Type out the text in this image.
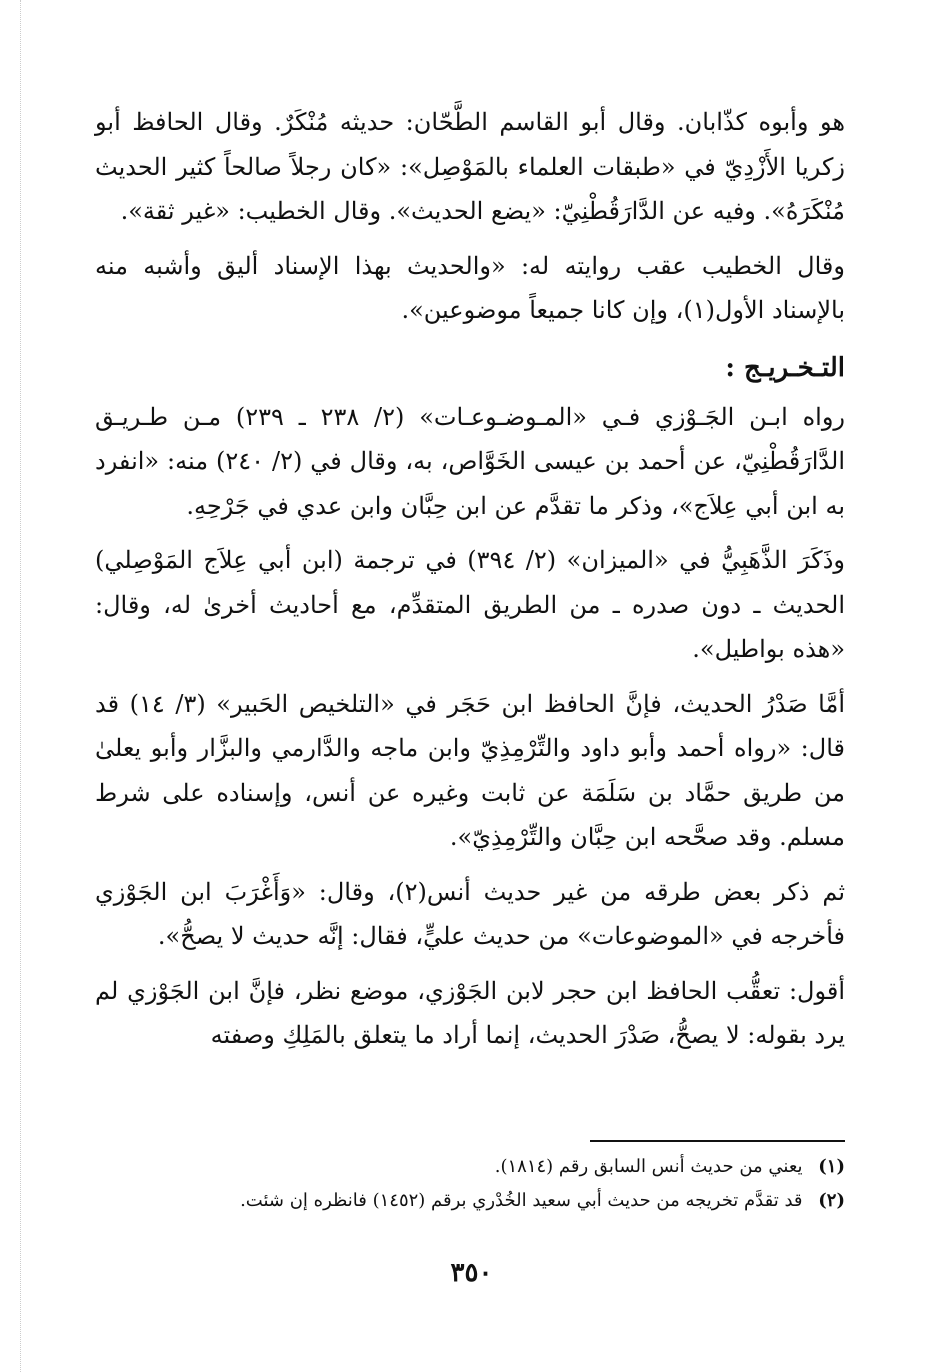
هو وأبوه كذّابان. وقال أبو القاسم الطَّحّان: حديثه مُنْكَرٌ. وقال الحافظ أبو زكريا الأَزْدِيّ في «طبقات العلماء بالمَوْصِل»: «كان رجلاً صالحاً كثير الحديث مُنْكَرَهُ». وفيه عن الدَّارَقُطْنِيّ: «يضع الحديث». وقال الخطيب: «غير ثقة».

وقال الخطيب عقب روايته له: «والحديث بهذا الإسناد أليق وأشبه منه بالإسناد الأول(١)، وإن كانا جميعاً موضوعين».

التـخـريـج :

رواه ابـن الجَـوْزي فـي «المـوضـوعـات» (٢/ ٢٣٨ ـ ٢٣٩) مـن طـريـق الدَّارَقُطْنِيّ، عن أحمد بن عيسى الخَوَّاص، به، وقال في (٢/ ٢٤٠) منه: «انفرد به ابن أبي عِلاَج»، وذكر ما تقدَّم عن ابن حِبَّان وابن عدي في جَرْحِهِ.

وذَكَرَ الذَّهَبِيُّ في «الميزان» (٢/ ٣٩٤) في ترجمة (ابن أبي عِلاَج المَوْصِلي) الحديث ـ دون صدره ـ من الطريق المتقدِّم، مع أحاديث أخرىٰ له، وقال: «هذه بواطيل».

أمَّا صَدْرُ الحديث، فإنَّ الحافظ ابن حَجَر في «التلخيص الحَبير» (٣/ ١٤) قد قال: «رواه أحمد وأبو داود والتِّرْمِذِيّ وابن ماجه والدَّارمي والبزَّار وأبو يعلىٰ من طريق حمَّاد بن سَلَمَة عن ثابت وغيره عن أنس، وإسناده على شرط مسلم. وقد صحَّحه ابن حِبَّان والتِّرْمِذِيّ».

ثم ذكر بعض طرقه من غير حديث أنس(٢)، وقال: «وَأَغْرَبَ ابن الجَوْزي فأخرجه في «الموضوعات» من حديث عليٍّ، فقال: إنَّه حديث لا يصحُّ».

أقول: تعقُّب الحافظ ابن حجر لابن الجَوْزي، موضع نظر، فإنَّ ابن الجَوْزي لم يرد بقوله: لا يصحُّ، صَدْرَ الحديث، إنما أراد ما يتعلق بالمَلِكِ وصفته

(١) يعني من حديث أنس السابق رقم (١٨١٤).

(٢) قد تقدَّم تخريجه من حديث أبي سعيد الخُدْري برقم (١٤٥٢) فانظره إن شئت.

٣٥٠
